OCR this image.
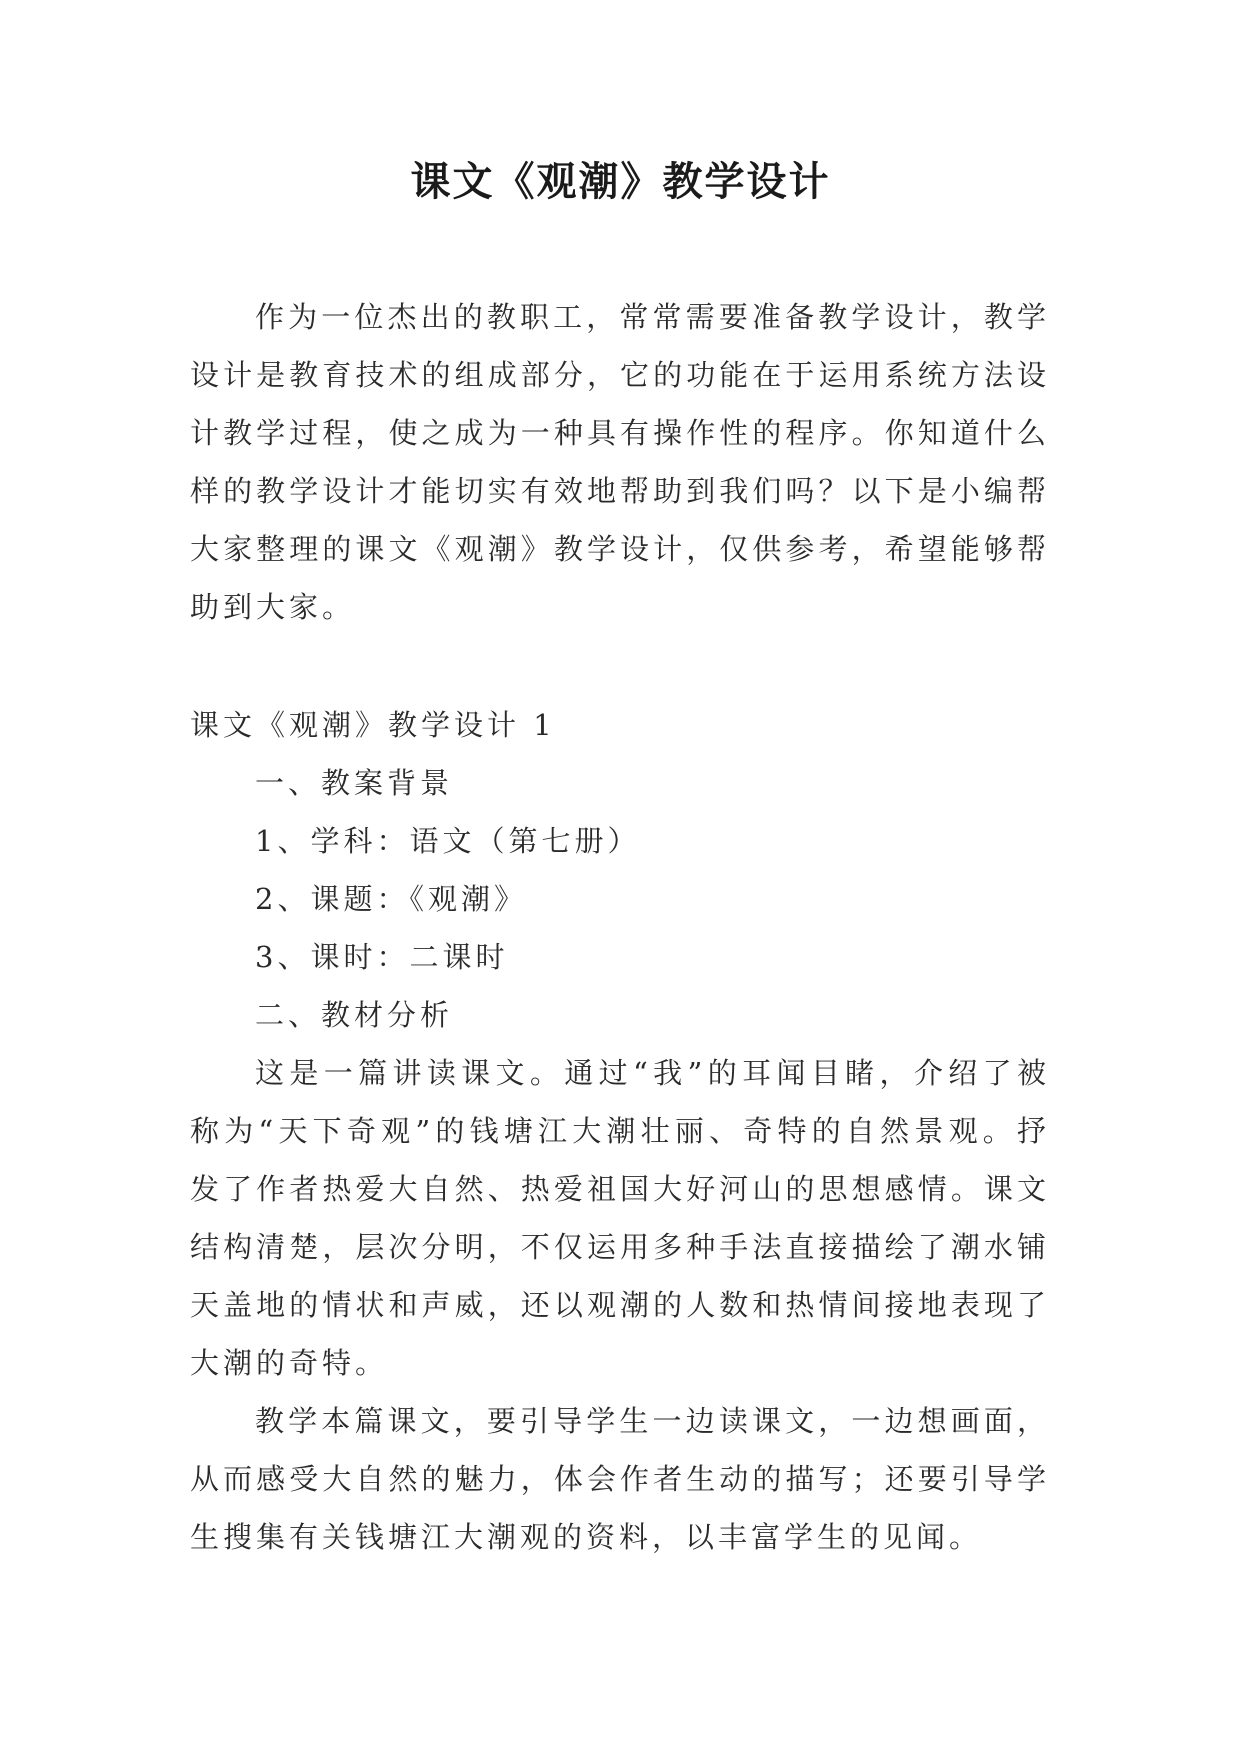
课文《观潮》教学设计

作为一位杰出的教职工，常常需要准备教学设计，教学设计是教育技术的组成部分，它的功能在于运用系统方法设计教学过程，使之成为一种具有操作性的程序。你知道什么样的教学设计才能切实有效地帮助到我们吗？以下是小编帮大家整理的课文《观潮》教学设计，仅供参考，希望能够帮助到大家。

课文《观潮》教学设计 1

一、教案背景

1、学科：语文（第七册）

2、课题：《观潮》

3、课时：二课时

二、教材分析

这是一篇讲读课文。通过“我”的耳闻目睹，介绍了被称为“天下奇观”的钱塘江大潮壮丽、奇特的自然景观。抒发了作者热爱大自然、热爱祖国大好河山的思想感情。课文结构清楚，层次分明，不仅运用多种手法直接描绘了潮水铺天盖地的情状和声威，还以观潮的人数和热情间接地表现了大潮的奇特。

教学本篇课文，要引导学生一边读课文，一边想画面，从而感受大自然的魅力，体会作者生动的描写；还要引导学生搜集有关钱塘江大潮观的资料，以丰富学生的见闻。
